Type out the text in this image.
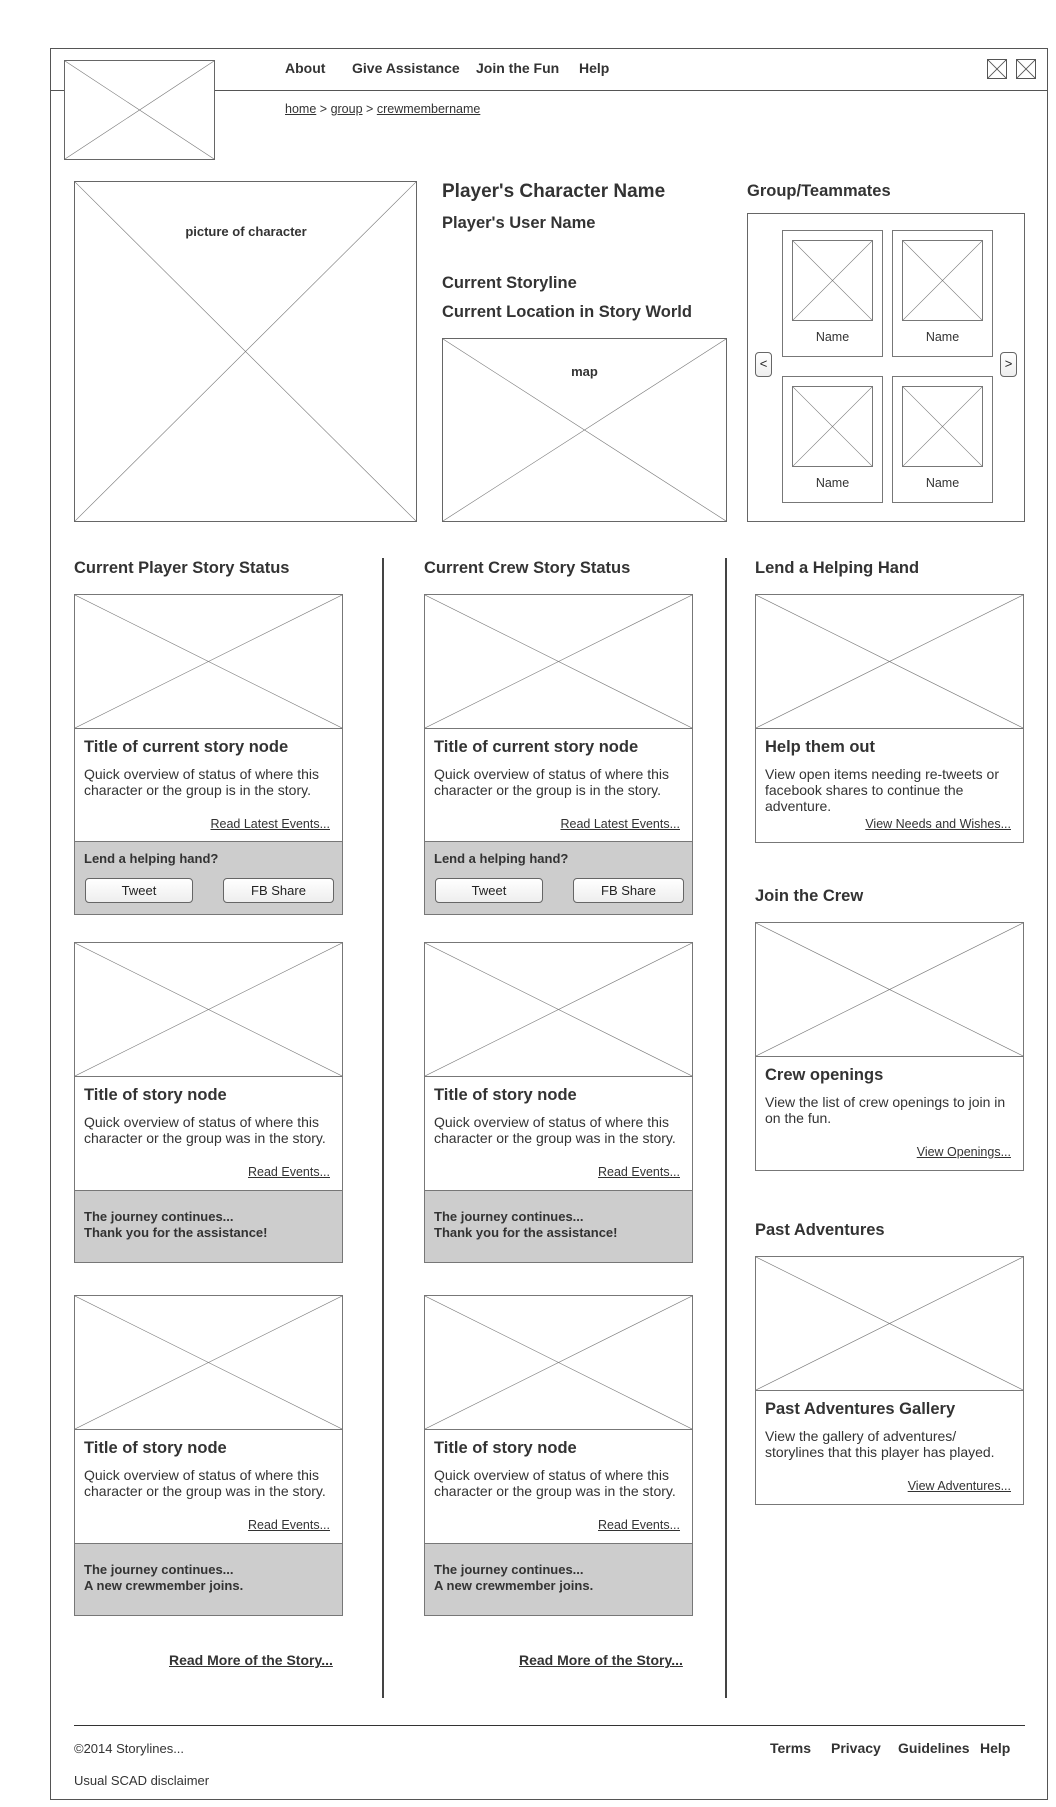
About Give Assistance Join the Fun Help
home > group > crewmembername
picture of character
Player's Character Name
Player's User Name
Current Storyline
Current Location in Story World
map
Group/Teammates
Name	Name
Name	Name
<	>
Current Player Story Status
Title of current story node
Quick overview of status of where this character or the group is in the story.
Read Latest Events...
Lend a helping hand?
Tweet	FB Share
Title of story node
Quick overview of status of where this character or the group was in the story.
Read Events...
The journey continues...
Thank you for the assistance!
Title of story node
Quick overview of status of where this character or the group was in the story.
Read Events...
The journey continues...
A new crewmember joins.
Read More of the Story...
Current Crew Story Status
Title of current story node
Quick overview of status of where this character or the group is in the story.
Read Latest Events...
Lend a helping hand?
Tweet	FB Share
Title of story node
Quick overview of status of where this character or the group was in the story.
Read Events...
The journey continues...
Thank you for the assistance!
Title of story node
Quick overview of status of where this character or the group was in the story.
Read Events...
The journey continues...
A new crewmember joins.
Read More of the Story...
Lend a Helping Hand
Help them out
View open items needing re-tweets or facebook shares to continue the adventure.
View Needs and Wishes...
Join the Crew
Crew openings
View the list of crew openings to join in on the fun.
View Openings...
Past Adventures
Past Adventures Gallery
View the gallery of adventures/ storylines that this player has played.
View Adventures...
©2014 Storylines...
Usual SCAD disclaimer
Terms Privacy Guidelines Help
